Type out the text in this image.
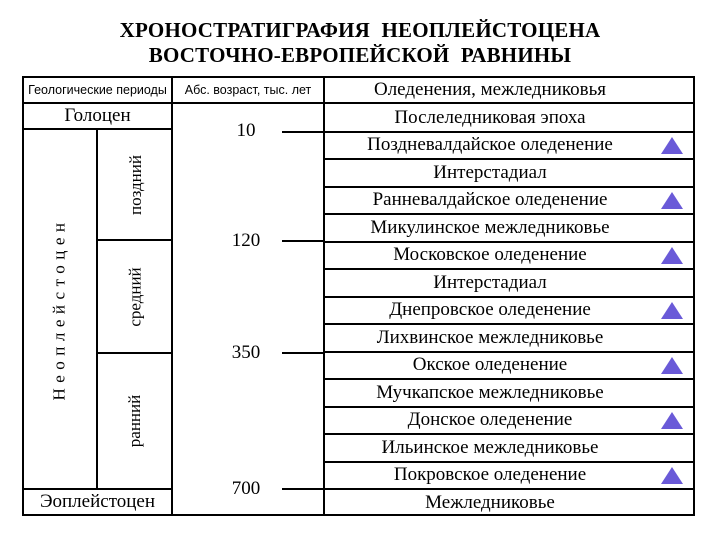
ХРОНОСТРАТИГРАФИЯ НЕОПЛЕЙСТОЦЕНА
ВОСТОЧНО-ЕВРОПЕЙСКОЙ РАВНИНЫ
Геологические периоды	Абс. возраст, тыс. лет	Оледенения, межледниковья
Голоцен
Эоплейстоцен
Неоплейстоцен
поздний
средний
ранний
10
120
350
700
Послеледниковая эпоха
Поздневалдайское оледенение
Интерстадиал
Ранневалдайское оледенение
Микулинское межледниковье
Московское оледенение
Интерстадиал
Днепровское оледенение
Лихвинское межледниковье
Окское оледенение
Мучкапское межледниковье
Донское оледенение
Ильинское межледниковье
Покровское оледенение
Межледниковье
